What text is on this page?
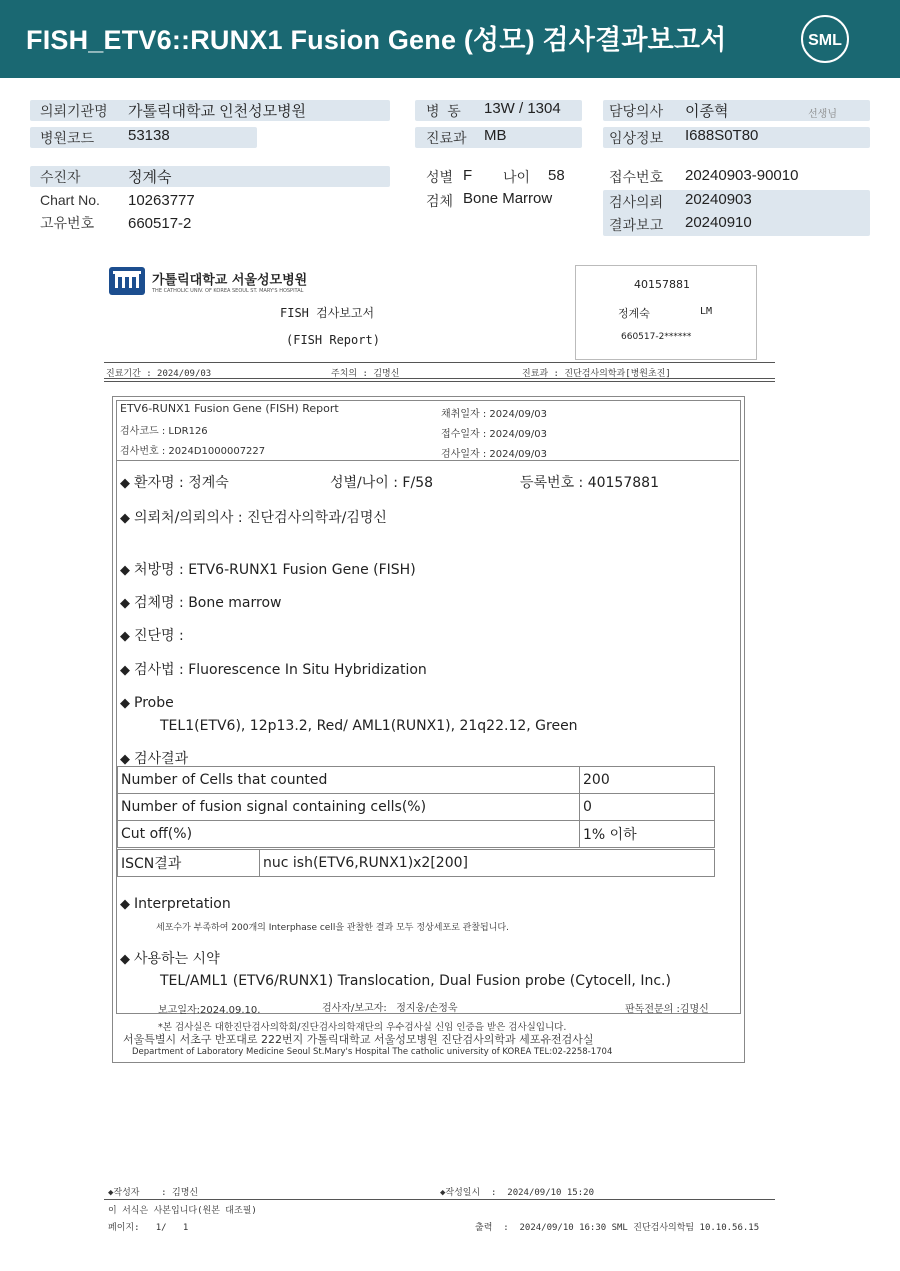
FISH_ETV6::RUNX1 Fusion Gene (성모) 검사결과보고서	SML
의뢰기관명 가톨릭대학교 인천성모병원
병원코드 53138
병  동 13W / 1304
진료과 MB
담당의사 이종혁	선생님
임상정보 I688S0T80
수진자	정계숙
Chart No. 10263777
고유번호 660517-2
성별 F 나이 58
검체 Bone Marrow
접수번호 20240903-90010
검사의뢰 20240903
결과보고 20240910
가톨릭대학교 서울성모병원
THE CATHOLIC UNIV. OF KOREA SEOUL ST. MARY'S HOSPITAL
FISH 검사보고서
(FISH Report)
40157881
정계숙	LM
660517-2******
진료기간 : 2024/09/03	주치의 : 김명신	진료과 : 진단검사의학과[병원초진]
ETV6-RUNX1 Fusion Gene (FISH) Report
검사코드 : LDR126
검사번호 : 2024D1000007227
채취일자 : 2024/09/03
접수일자 : 2024/09/03
검사일자 : 2024/09/03
◆ 환자명 : 정계숙	성별/나이 : F/58	등록번호 : 40157881
◆ 의뢰처/의뢰의사 : 진단검사의학과/김명신
◆ 처방명 : ETV6-RUNX1 Fusion Gene (FISH)
◆ 검체명 : Bone marrow
◆ 진단명 :
◆ 검사법 : Fluorescence In Situ Hybridization
◆ Probe
TEL1(ETV6), 12p13.2, Red/ AML1(RUNX1), 21q22.12, Green
◆ 검사결과
Number of Cells that counted	200
Number of fusion signal containing cells(%)	0
Cut off(%)	1% 이하
ISCN결과	nuc ish(ETV6,RUNX1)x2[200]
◆ Interpretation
세포수가 부족하여 200개의 Interphase cell을 관찰한 결과 모두 정상세포로 관찰됩니다.
◆ 사용하는 시약
TEL/AML1 (ETV6/RUNX1) Translocation, Dual Fusion probe (Cytocell, Inc.)
보고일자:2024.09.10.	검사자/보고자:   정지웅/손정욱	판독전문의 :김명신
*본 검사실은 대한진단검사의학회/진단검사의학재단의 우수검사실 신임 인증을 받은 검사실입니다.
서울특별시 서초구 반포대로 222번지 가톨릭대학교 서울성모병원 진단검사의학과 세포유전검사실
Department of Laboratory Medicine Seoul St.Mary's Hospital The catholic university of KOREA TEL:02-2258-1704
◆작성자    : 김명신	◆작성일시  :  2024/09/10 15:20
이 서식은 사본입니다(원본 대조필)
페이지:   1/   1	출력  :  2024/09/10 16:30 SML 진단검사의학팀 10.10.56.15
